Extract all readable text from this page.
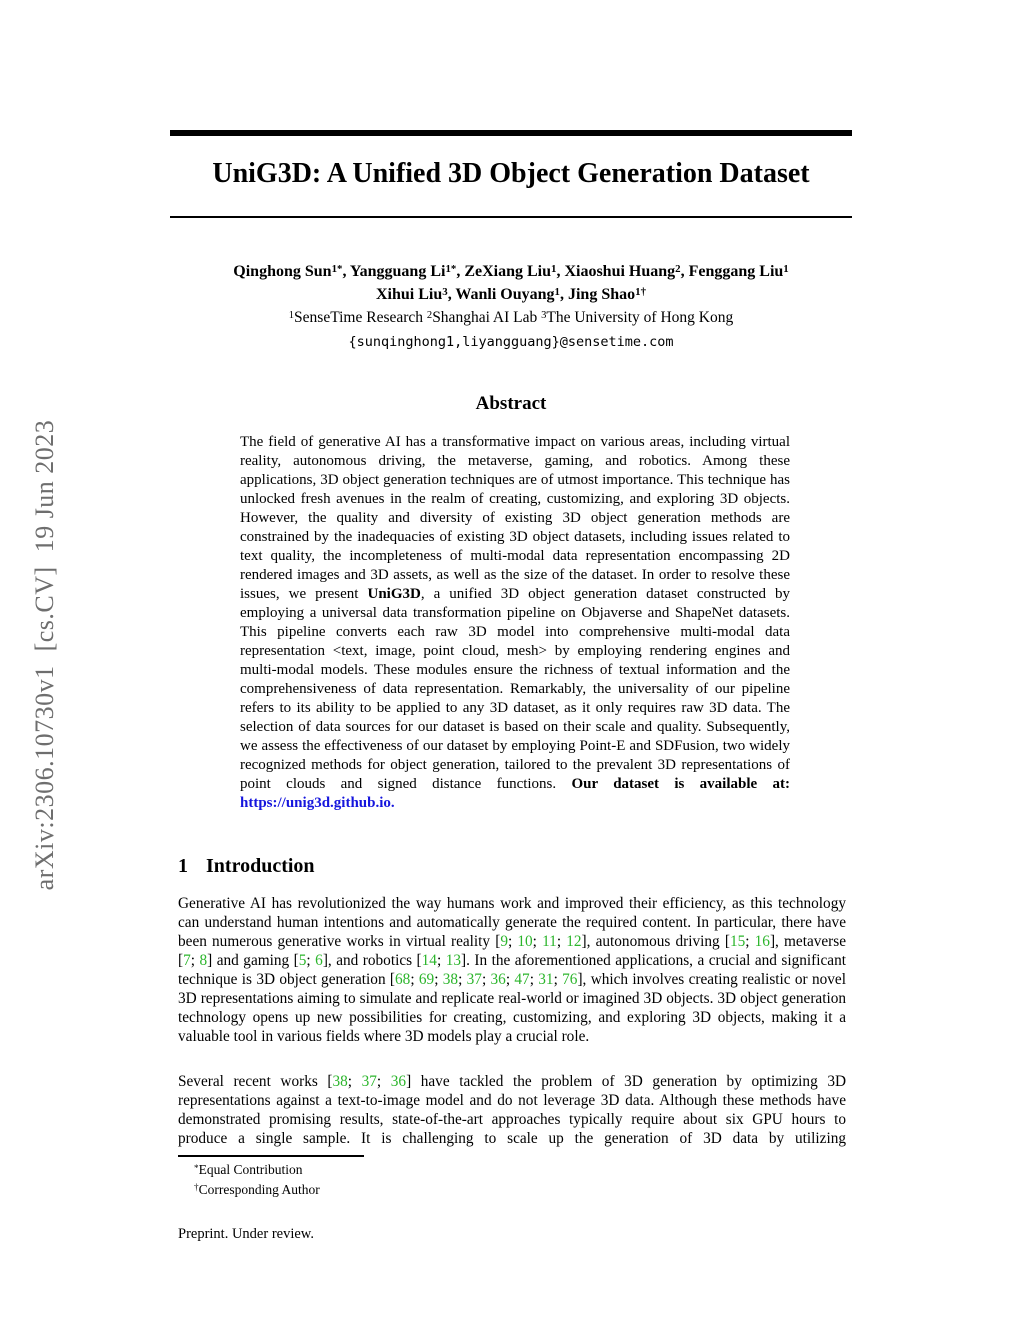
arXiv:2306.10730v1  [cs.CV]  19 Jun 2023
UniG3D: A Unified 3D Object Generation Dataset
Qinghong Sun$^{1*}$, Yangguang $Li^{1*}$, ZeXiang Liu$^1$, Xiaoshui Huang$^2$, Fenggang Liu$^1$
Xihui Liu$^3$, Wanli Ouyang$^1$, Jing Shao$^{1\dagger}$
$^1$SenseTime Research $^2$Shanghai AI Lab $^3$The University of Hong Kong
{sunqinghong1,liyangguang}@sensetime.com
Abstract
The field of generative AI has a transformative impact on various areas, including virtual reality, autonomous driving, the metaverse, gaming, and robotics. Among these applications, 3D object generation techniques are of utmost importance. This technique has unlocked fresh avenues in the realm of creating, customizing, and exploring 3D objects. However, the quality and diversity of existing 3D object generation methods are constrained by the inadequacies of existing 3D object datasets, including issues related to text quality, the incompleteness of multi-modal data representation encompassing 2D rendered images and 3D assets, as well as the size of the dataset. In order to resolve these issues, we present UniG3D, a unified 3D object generation dataset constructed by employing a universal data transformation pipeline on Objaverse and ShapeNet datasets. This pipeline converts each raw 3D model into comprehensive multi-modal data representation <text, image, point cloud, mesh> by employing rendering engines and multi-modal models. These modules ensure the richness of textual information and the comprehensiveness of data representation. Remarkably, the universality of our pipeline refers to its ability to be applied to any 3D dataset, as it only requires raw 3D data. The selection of data sources for our dataset is based on their scale and quality. Subsequently, we assess the effectiveness of our dataset by employing Point-E and SDFusion, two widely recognized methods for object generation, tailored to the prevalent 3D representations of point clouds and signed distance functions. Our dataset is available at: https://unig3d.github.io.
1 Introduction
Generative AI has revolutionized the way humans work and improved their efficiency, as this technology can understand human intentions and automatically generate the required content. In particular, there have been numerous generative works in virtual reality [9; 10; 11; 12], autonomous driving [15; 16], metaverse [7; 8] and gaming [5; 6], and robotics [14; 13]. In the aforementioned applications, a crucial and significant technique is 3D object generation [68; 69; 38; 37; 36; 47; 31; 76], which involves creating realistic or novel 3D representations aiming to simulate and replicate real-world or imagined 3D objects. 3D object generation technology opens up new possibilities for creating, customizing, and exploring 3D objects, making it a valuable tool in various fields where 3D models play a crucial role.
Several recent works [38; 37; 36] have tackled the problem of 3D generation by optimizing 3D representations against a text-to-image model and do not leverage 3D data. Although these methods have demonstrated promising results, state-of-the-art approaches typically require about six GPU hours to produce a single sample. It is challenging to scale up the generation of 3D data by utilizing
*Equal Contribution
†Corresponding Author
Preprint. Under review.
